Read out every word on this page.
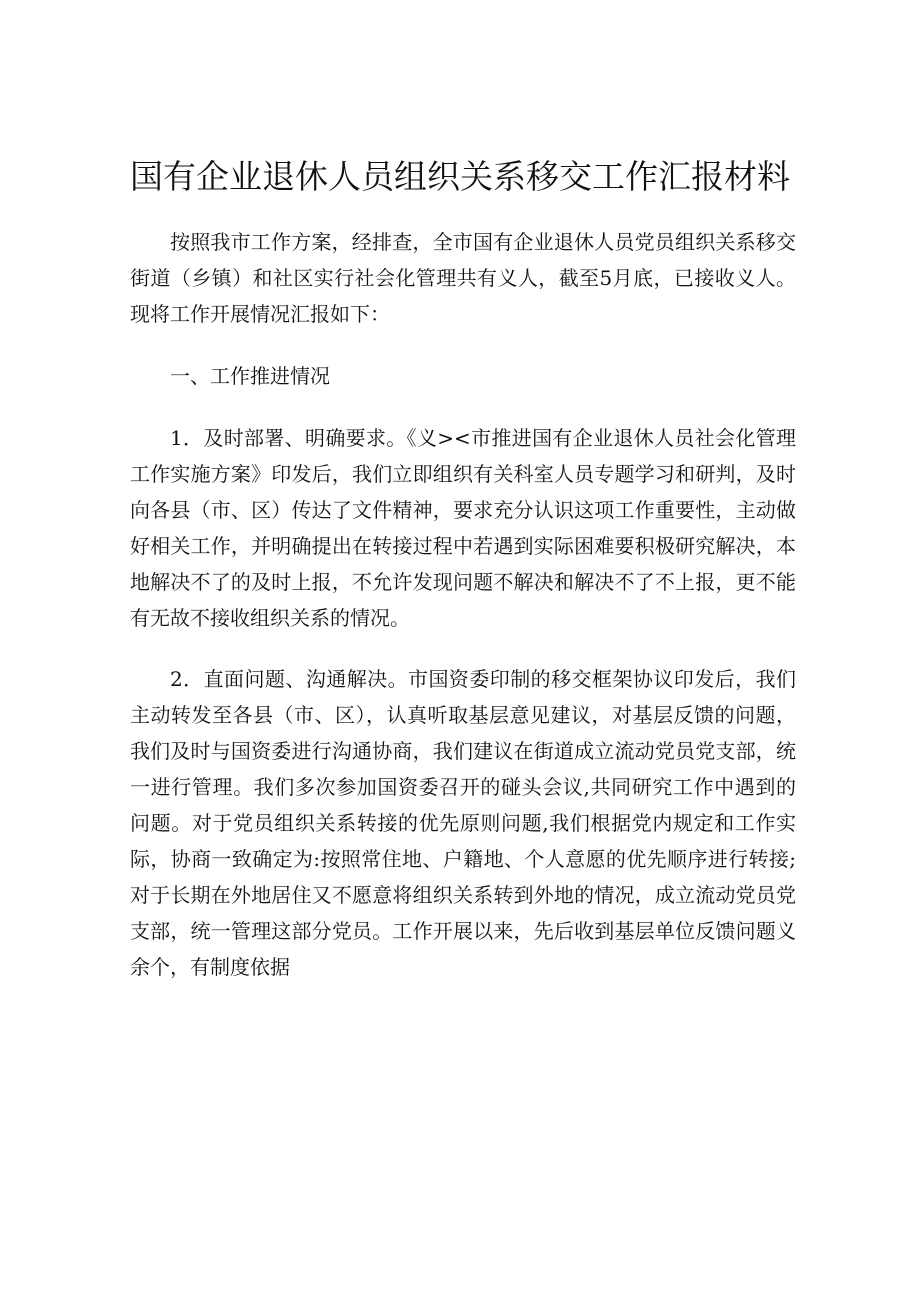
国有企业退休人员组织关系移交工作汇报材料

按照我市工作方案，经排查，全市国有企业退休人员党员组织关系移交街道（乡镇）和社区实行社会化管理共有义人，截至5月底，已接收义人。现将工作开展情况汇报如下：

一、工作推进情况

1．及时部署、明确要求。《义><市推进国有企业退休人员社会化管理工作实施方案》印发后，我们立即组织有关科室人员专题学习和研判，及时向各县（市、区）传达了文件精神，要求充分认识这项工作重要性，主动做好相关工作，并明确提出在转接过程中若遇到实际困难要积极研究解决，本地解决不了的及时上报，不允许发现问题不解决和解决不了不上报，更不能有无故不接收组织关系的情况。

2．直面问题、沟通解决。市国资委印制的移交框架协议印发后，我们主动转发至各县（市、区），认真听取基层意见建议，对基层反馈的问题，我们及时与国资委进行沟通协商，我们建议在街道成立流动党员党支部，统一进行管理。我们多次参加国资委召开的碰头会议,共同研究工作中遇到的问题。对于党员组织关系转接的优先原则问题,我们根据党内规定和工作实际，协商一致确定为:按照常住地、户籍地、个人意愿的优先顺序进行转接;对于长期在外地居住又不愿意将组织关系转到外地的情况，成立流动党员党支部，统一管理这部分党员。工作开展以来，先后收到基层单位反馈问题义余个，有制度依据
